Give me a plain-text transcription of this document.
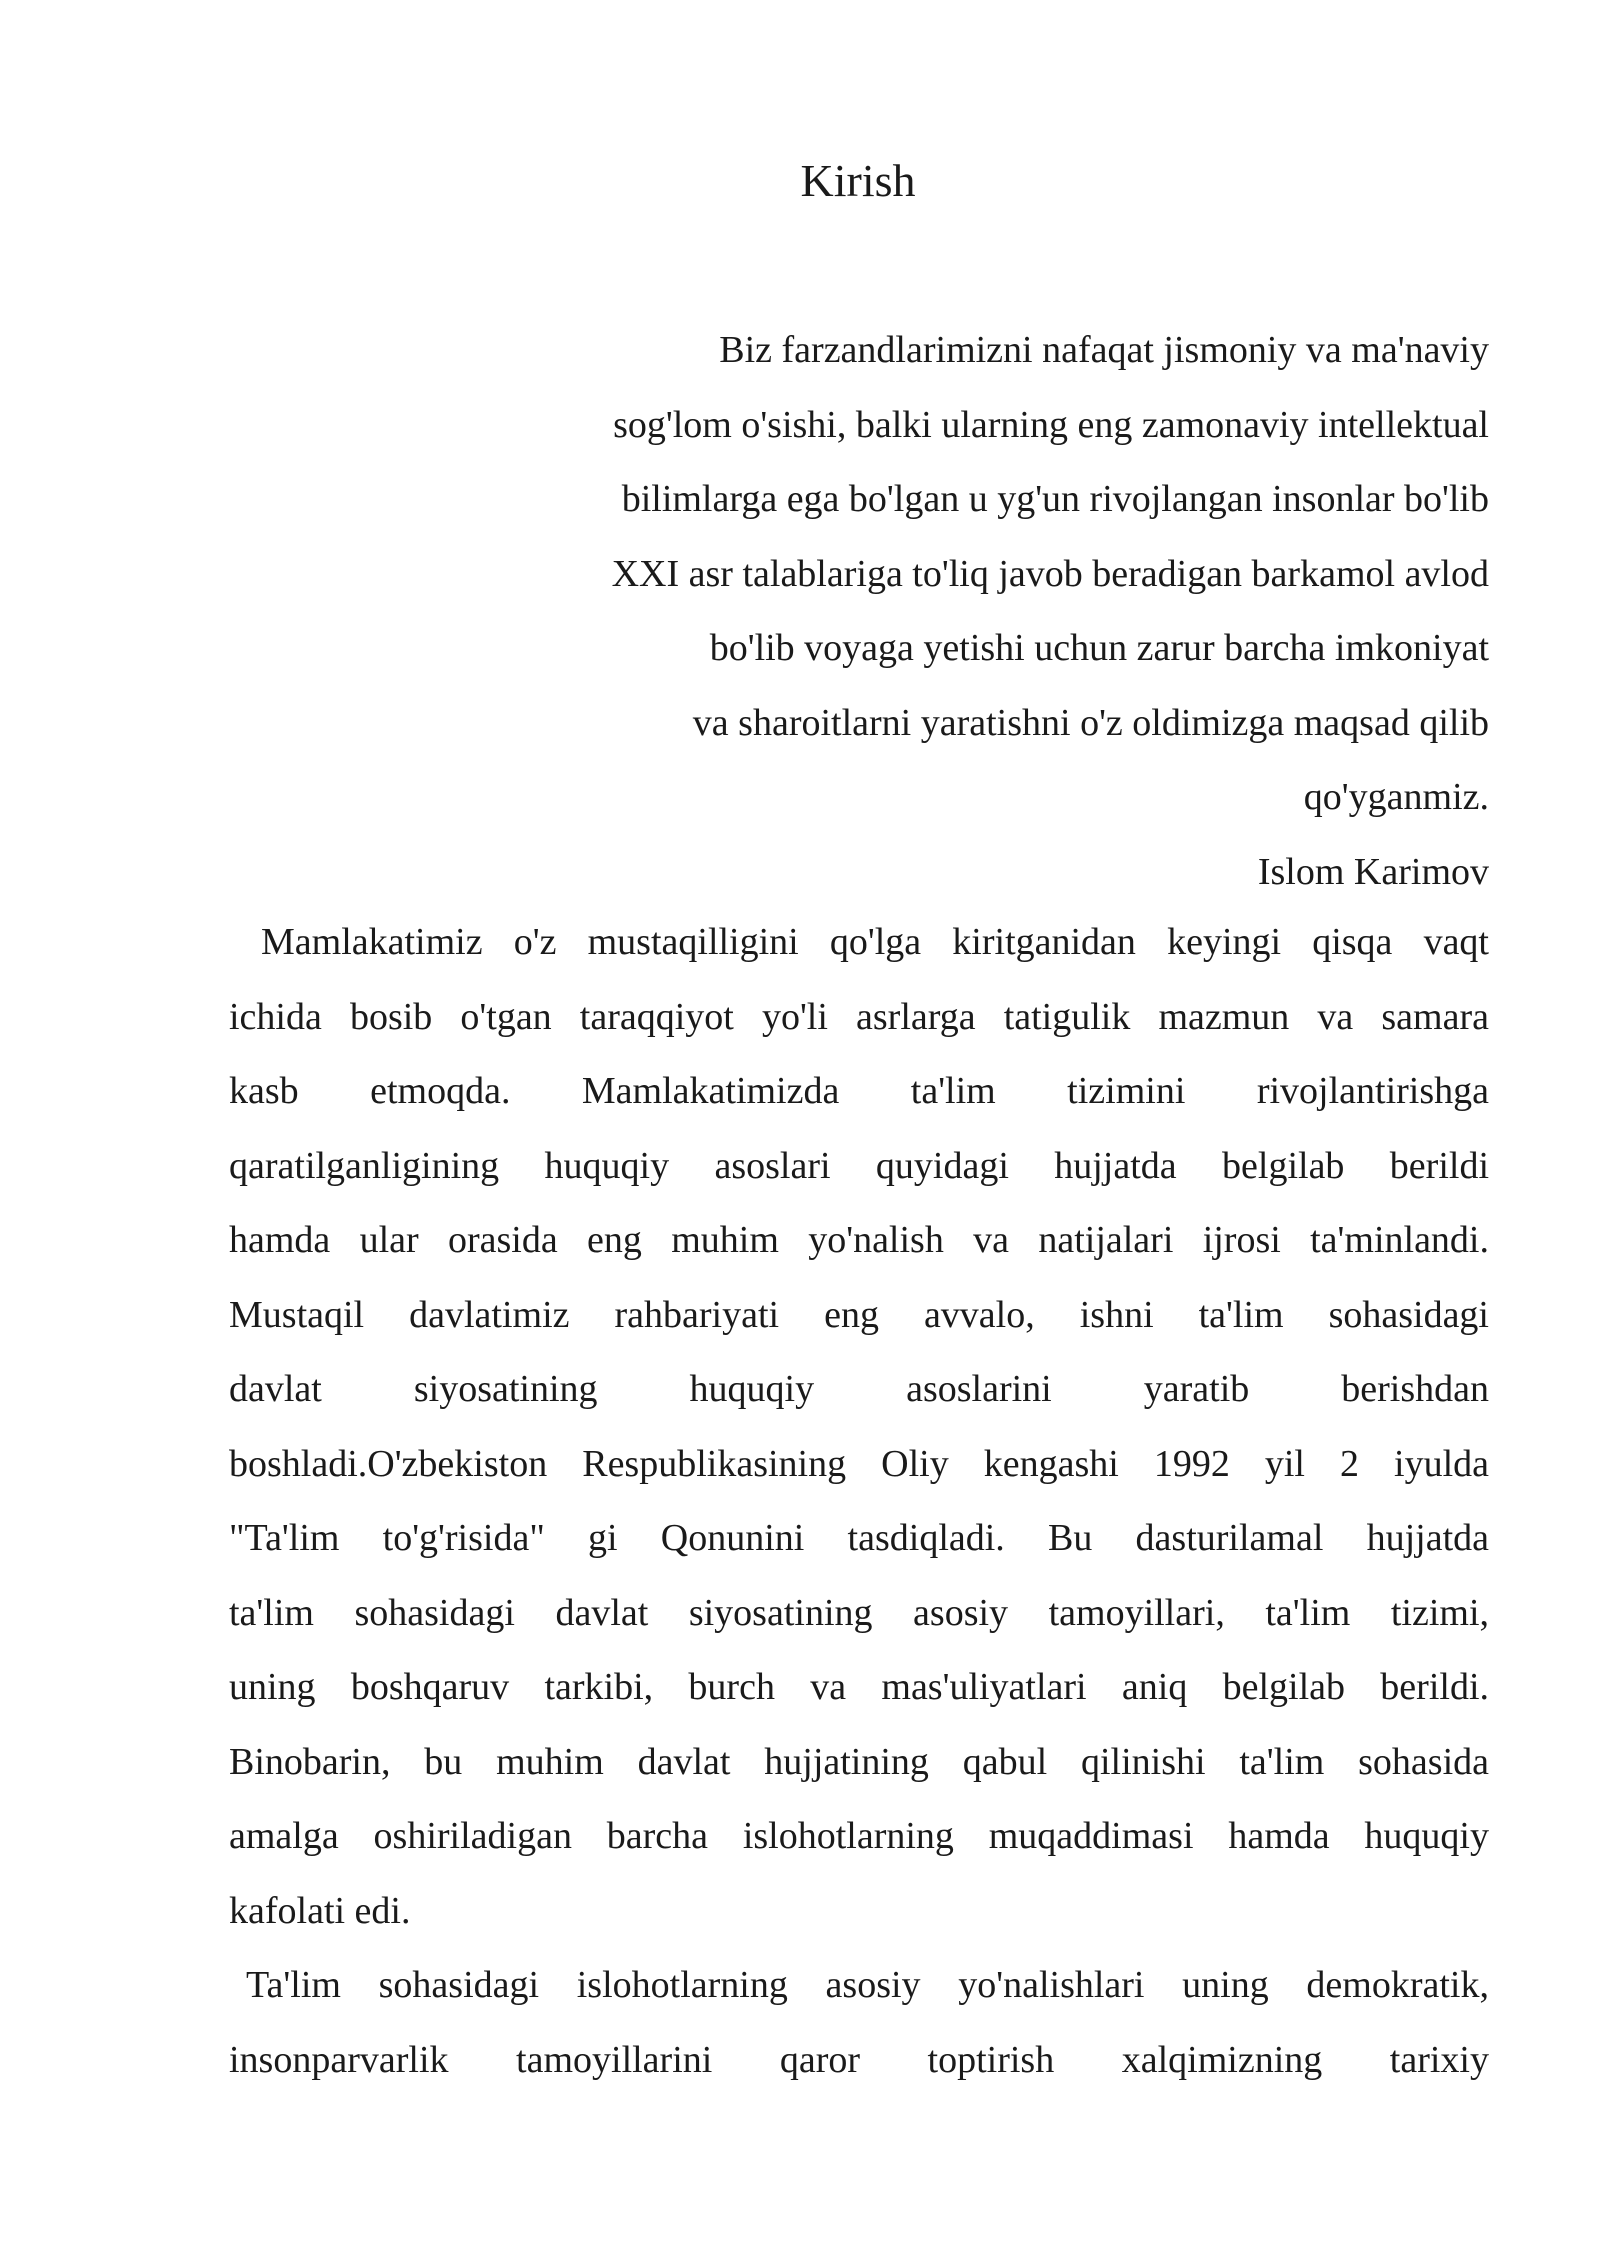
Kirish
Biz farzandlarimizni nafaqat jismoniy va ma'naviy
sog'lom o'sishi, balki ularning eng zamonaviy intellektual
bilimlarga ega bo'lgan u yg'un rivojlangan insonlar bo'lib
XXI asr talablariga to'liq javob beradigan barkamol avlod
bo'lib voyaga yetishi uchun zarur barcha imkoniyat
va sharoitlarni yaratishni o'z oldimizga maqsad qilib
qo'yganmiz.
Islom Karimov

Mamlakatimiz o'z mustaqilligini qo'lga kiritganidan keyingi qisqa vaqt
ichida bosib o'tgan taraqqiyot yo'li asrlarga tatigulik mazmun va samara
kasb etmoqda. Mamlakatimizda ta'lim tizimini rivojlantirishga
qaratilganligining huquqiy asoslari quyidagi hujjatda belgilab berildi
hamda ular orasida eng muhim yo'nalish va natijalari ijrosi ta'minlandi.
Mustaqil davlatimiz rahbariyati eng avvalo, ishni ta'lim sohasidagi
davlat siyosatining huquqiy asoslarini yaratib berishdan
boshladi.O'zbekiston Respublikasining Oliy kengashi 1992 yil 2 iyulda
"Ta'lim to'g'risida" gi Qonunini tasdiqladi. Bu dasturilamal hujjatda
ta'lim sohasidagi davlat siyosatining asosiy tamoyillari, ta'lim tizimi,
uning boshqaruv tarkibi, burch va mas'uliyatlari aniq belgilab berildi.
Binobarin, bu muhim davlat hujjatining qabul qilinishi ta'lim sohasida
amalga oshiriladigan barcha islohotlarning muqaddimasi hamda huquqiy
kafolati edi.

Ta'lim sohasidagi islohotlarning asosiy yo'nalishlari uning demokratik,
insonparvarlik tamoyillarini qaror toptirish xalqimizning tarixiy
